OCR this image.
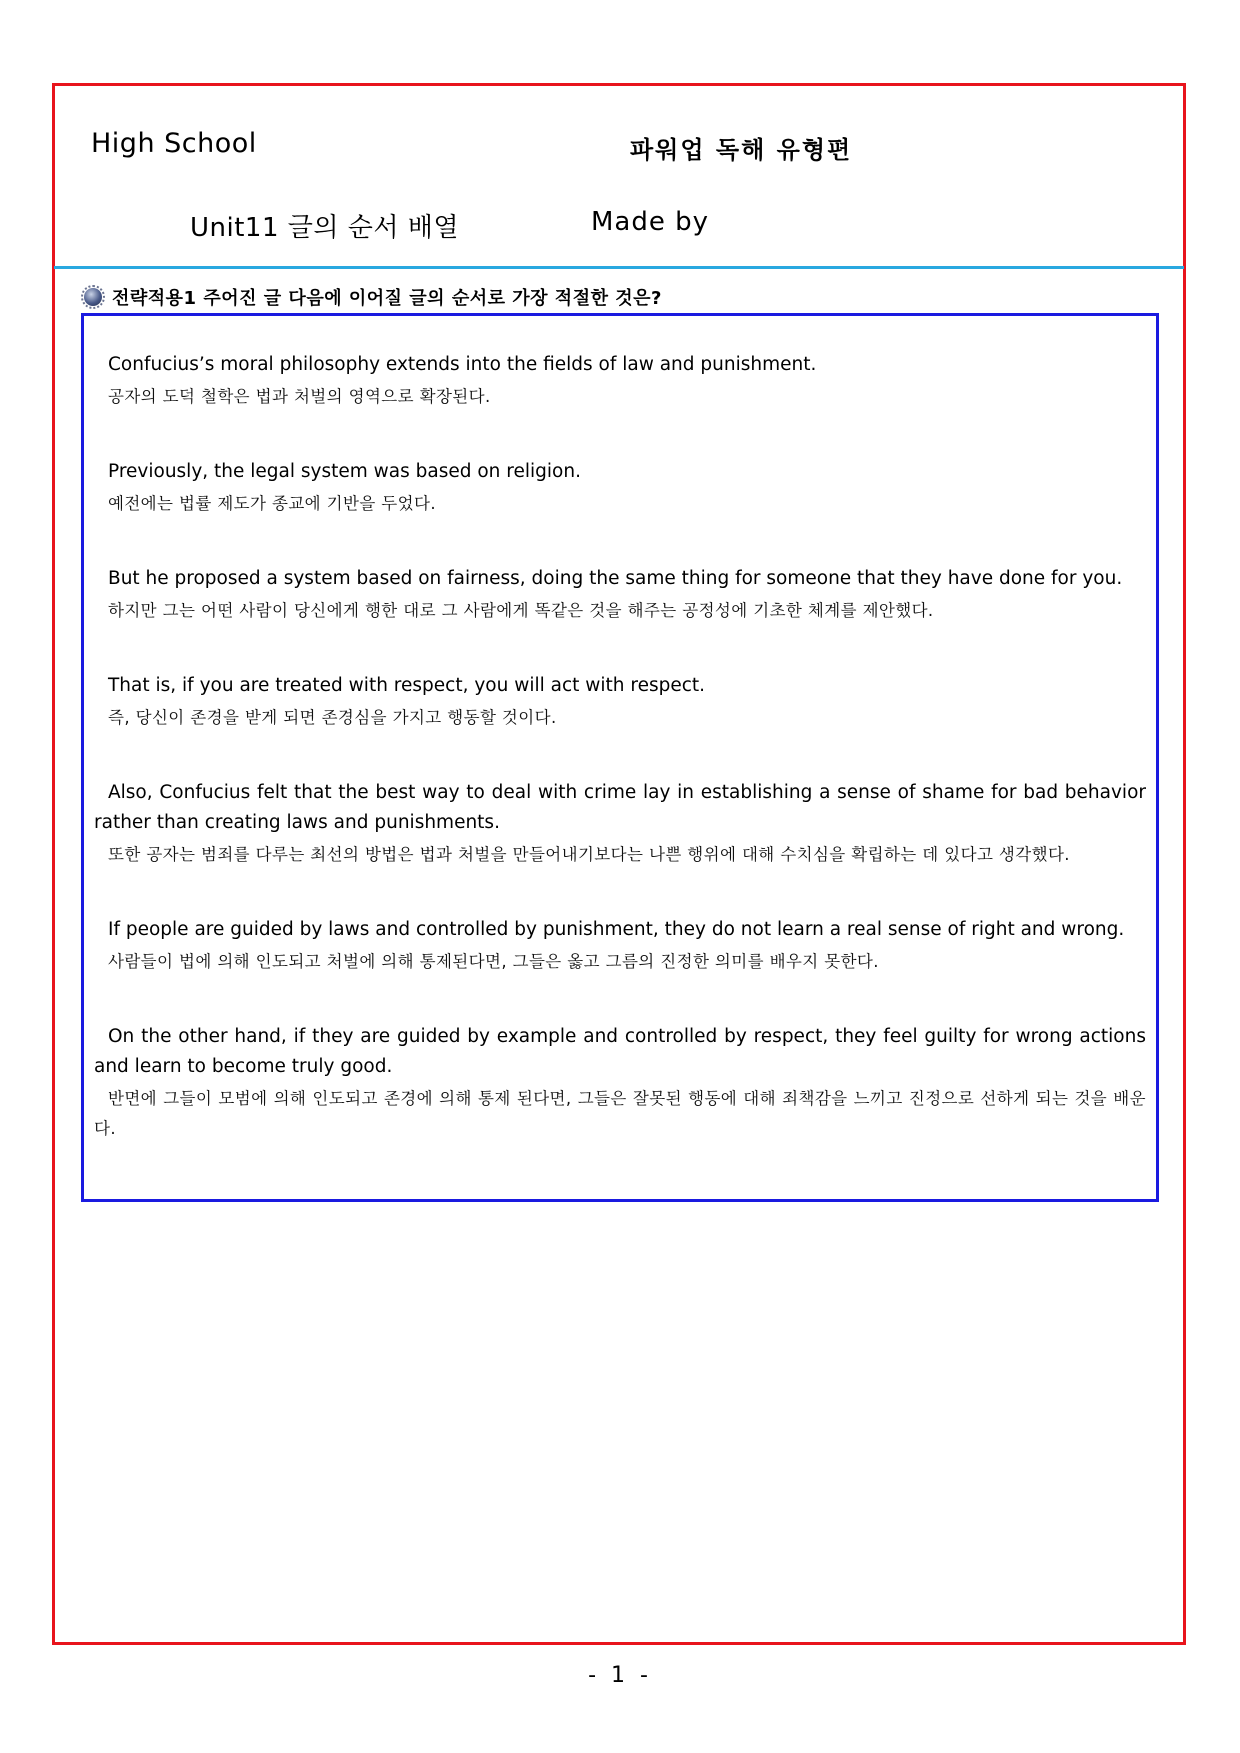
High School	파워업 독해 유형편
Unit11 글의 순서 배열	Made by
전략적용1 주어진 글 다음에 이어질 글의 순서로 가장 적절한 것은?

Confucius’s moral philosophy extends into the fields of law and punishment.

공자의 도덕 철학은 법과 처벌의 영역으로 확장된다.

Previously, the legal system was based on religion.

예전에는 법률 제도가 종교에 기반을 두었다.

But he proposed a system based on fairness, doing the same thing for someone that they have done for you.

하지만 그는 어떤 사람이 당신에게 행한 대로 그 사람에게 똑같은 것을 해주는 공정성에 기초한 체계를 제안했다.

That is, if you are treated with respect, you will act with respect.

즉, 당신이 존경을 받게 되면 존경심을 가지고 행동할 것이다.

Also, Confucius felt that the best way to deal with crime lay in establishing a sense of shame for bad behavior rather than creating laws and punishments.

또한 공자는 범죄를 다루는 최선의 방법은 법과 처벌을 만들어내기보다는 나쁜 행위에 대해 수치심을 확립하는 데 있다고 생각했다.

If people are guided by laws and controlled by punishment, they do not learn a real sense of right and wrong.

사람들이 법에 의해 인도되고 처벌에 의해 통제된다면, 그들은 옳고 그름의 진정한 의미를 배우지 못한다.

On the other hand, if they are guided by example and controlled by respect, they feel guilty for wrong actions and learn to become truly good.

반면에 그들이 모범에 의해 인도되고 존경에 의해 통제 된다면, 그들은 잘못된 행동에 대해 죄책감을 느끼고 진정으로 선하게 되는 것을 배운다.

- 1 -
